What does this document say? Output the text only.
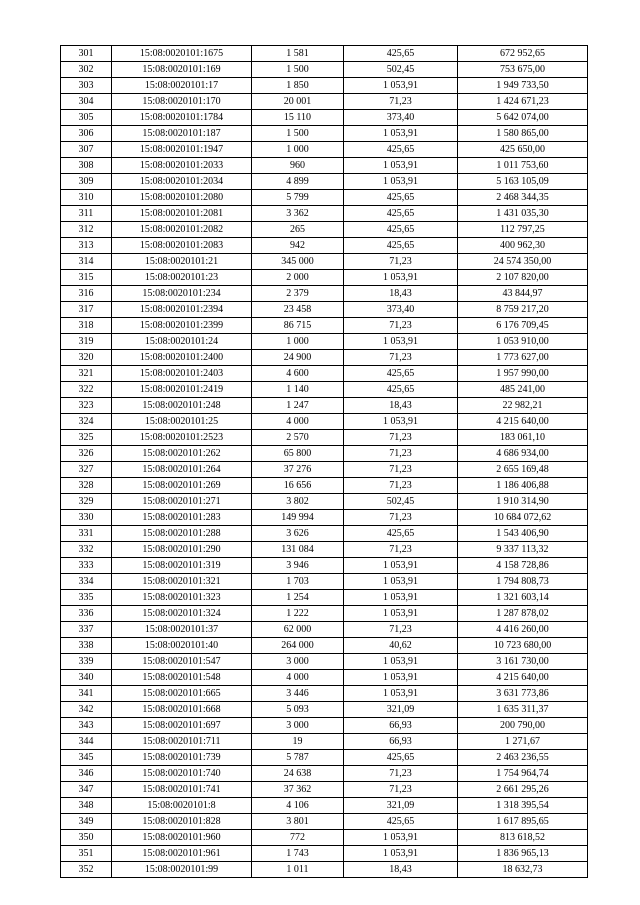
301	15:08:0020101:1675	1 581	425,65	672 952,65
302	15:08:0020101:169	1 500	502,45	753 675,00
303	15:08:0020101:17	1 850	1 053,91	1 949 733,50
304	15:08:0020101:170	20 001	71,23	1 424 671,23
305	15:08:0020101:1784	15 110	373,40	5 642 074,00
306	15:08:0020101:187	1 500	1 053,91	1 580 865,00
307	15:08:0020101:1947	1 000	425,65	425 650,00
308	15:08:0020101:2033	960	1 053,91	1 011 753,60
309	15:08:0020101:2034	4 899	1 053,91	5 163 105,09
310	15:08:0020101:2080	5 799	425,65	2 468 344,35
311	15:08:0020101:2081	3 362	425,65	1 431 035,30
312	15:08:0020101:2082	265	425,65	112 797,25
313	15:08:0020101:2083	942	425,65	400 962,30
314	15:08:0020101:21	345 000	71,23	24 574 350,00
315	15:08:0020101:23	2 000	1 053,91	2 107 820,00
316	15:08:0020101:234	2 379	18,43	43 844,97
317	15:08:0020101:2394	23 458	373,40	8 759 217,20
318	15:08:0020101:2399	86 715	71,23	6 176 709,45
319	15:08:0020101:24	1 000	1 053,91	1 053 910,00
320	15:08:0020101:2400	24 900	71,23	1 773 627,00
321	15:08:0020101:2403	4 600	425,65	1 957 990,00
322	15:08:0020101:2419	1 140	425,65	485 241,00
323	15:08:0020101:248	1 247	18,43	22 982,21
324	15:08:0020101:25	4 000	1 053,91	4 215 640,00
325	15:08:0020101:2523	2 570	71,23	183 061,10
326	15:08:0020101:262	65 800	71,23	4 686 934,00
327	15:08:0020101:264	37 276	71,23	2 655 169,48
328	15:08:0020101:269	16 656	71,23	1 186 406,88
329	15:08:0020101:271	3 802	502,45	1 910 314,90
330	15:08:0020101:283	149 994	71,23	10 684 072,62
331	15:08:0020101:288	3 626	425,65	1 543 406,90
332	15:08:0020101:290	131 084	71,23	9 337 113,32
333	15:08:0020101:319	3 946	1 053,91	4 158 728,86
334	15:08:0020101:321	1 703	1 053,91	1 794 808,73
335	15:08:0020101:323	1 254	1 053,91	1 321 603,14
336	15:08:0020101:324	1 222	1 053,91	1 287 878,02
337	15:08:0020101:37	62 000	71,23	4 416 260,00
338	15:08:0020101:40	264 000	40,62	10 723 680,00
339	15:08:0020101:547	3 000	1 053,91	3 161 730,00
340	15:08:0020101:548	4 000	1 053,91	4 215 640,00
341	15:08:0020101:665	3 446	1 053,91	3 631 773,86
342	15:08:0020101:668	5 093	321,09	1 635 311,37
343	15:08:0020101:697	3 000	66,93	200 790,00
344	15:08:0020101:711	19	66,93	1 271,67
345	15:08:0020101:739	5 787	425,65	2 463 236,55
346	15:08:0020101:740	24 638	71,23	1 754 964,74
347	15:08:0020101:741	37 362	71,23	2 661 295,26
348	15:08:0020101:8	4 106	321,09	1 318 395,54
349	15:08:0020101:828	3 801	425,65	1 617 895,65
350	15:08:0020101:960	772	1 053,91	813 618,52
351	15:08:0020101:961	1 743	1 053,91	1 836 965,13
352	15:08:0020101:99	1 011	18,43	18 632,73
